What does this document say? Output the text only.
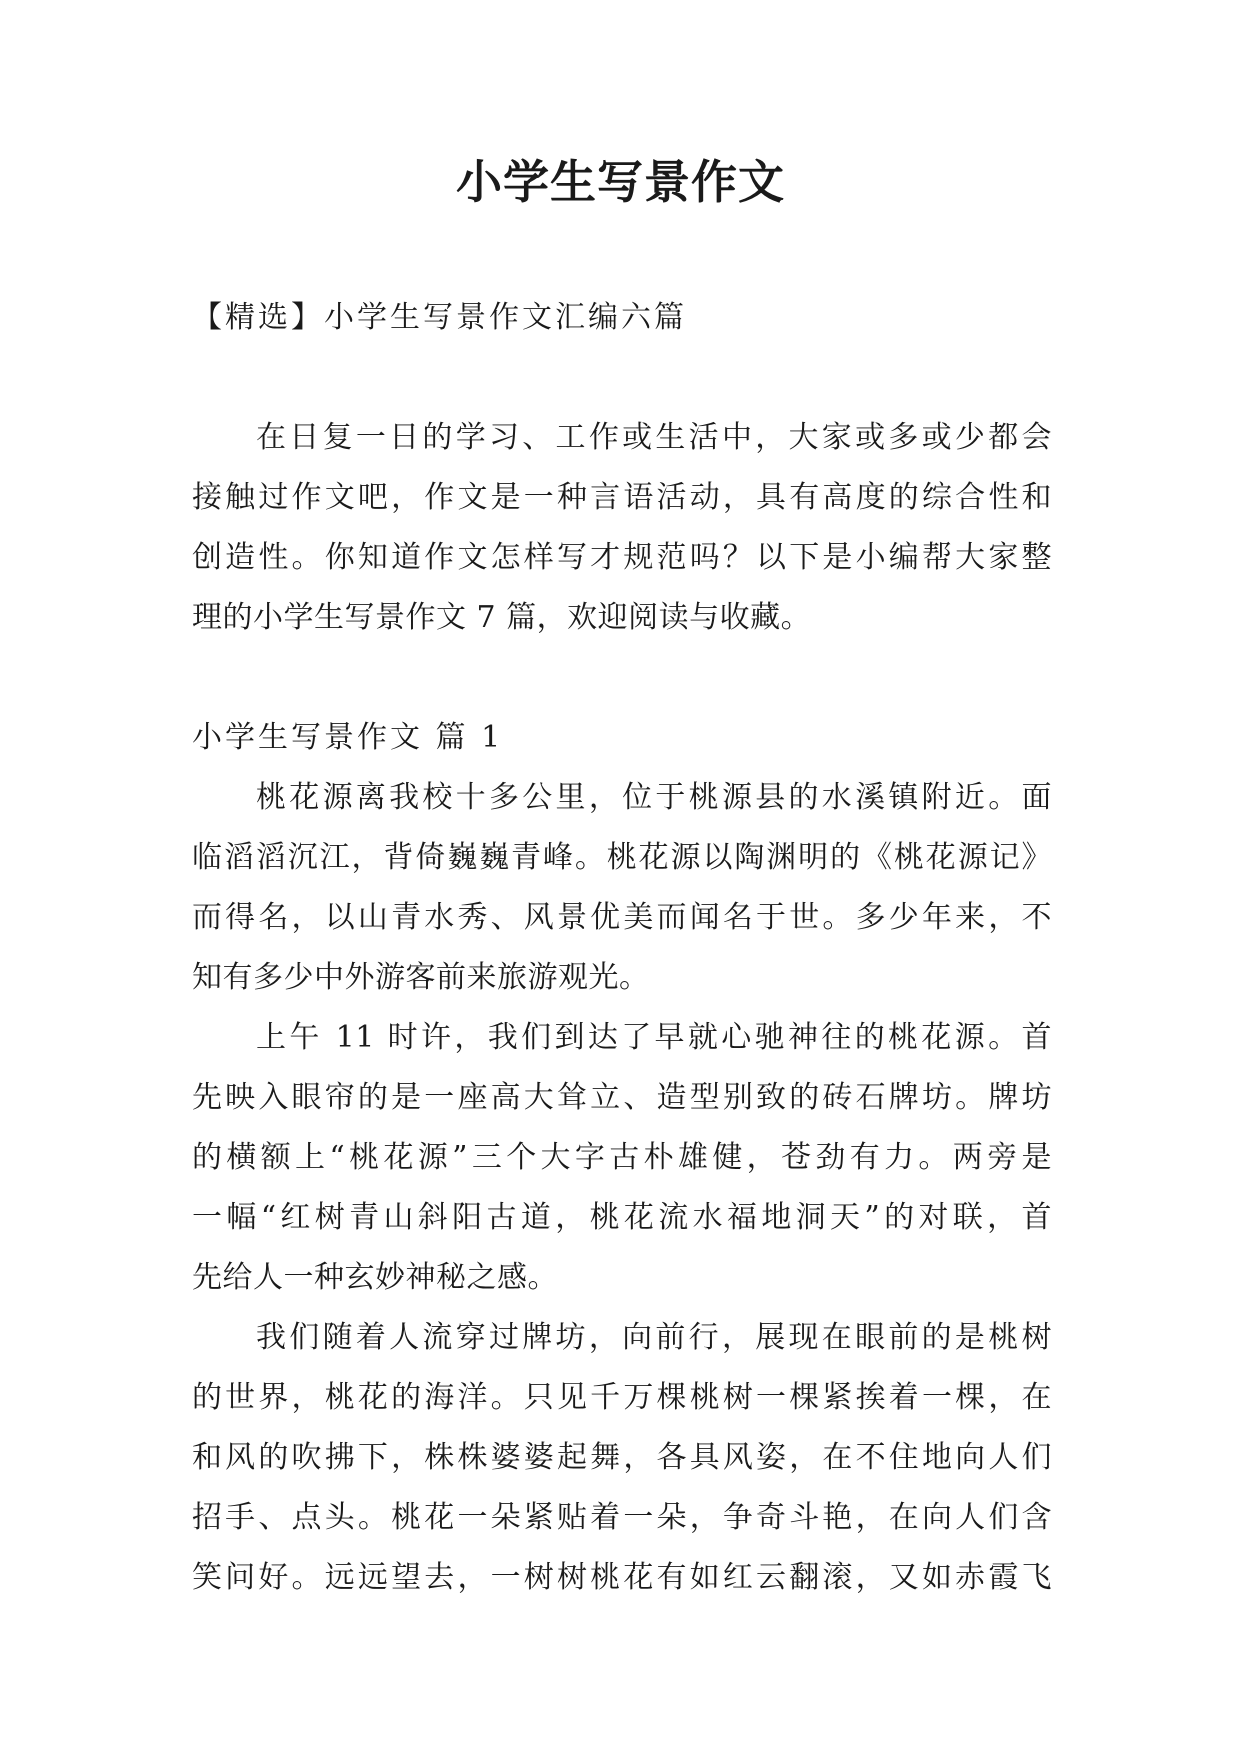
小学生写景作文
【精选】小学生写景作文汇编六篇
在日复一日的学习、工作或生活中，大家或多或少都会
接触过作文吧，作文是一种言语活动，具有高度的综合性和
创造性。你知道作文怎样写才规范吗？以下是小编帮大家整
理的小学生写景作文 7 篇，欢迎阅读与收藏。
小学生写景作文 篇 1
桃花源离我校十多公里，位于桃源县的水溪镇附近。面
临滔滔沉江，背倚巍巍青峰。桃花源以陶渊明的《桃花源记》
而得名，以山青水秀、风景优美而闻名于世。多少年来，不
知有多少中外游客前来旅游观光。
上午 11 时许，我们到达了早就心驰神往的桃花源。首
先映入眼帘的是一座高大耸立、造型别致的砖石牌坊。牌坊
的横额上“桃花源”三个大字古朴雄健，苍劲有力。两旁是
一幅“红树青山斜阳古道，桃花流水福地洞天”的对联，首
先给人一种玄妙神秘之感。
我们随着人流穿过牌坊，向前行，展现在眼前的是桃树
的世界，桃花的海洋。只见千万棵桃树一棵紧挨着一棵，在
和风的吹拂下，株株婆婆起舞，各具风姿，在不住地向人们
招手、点头。桃花一朵紧贴着一朵，争奇斗艳，在向人们含
笑问好。远远望去，一树树桃花有如红云翻滚，又如赤霞飞
